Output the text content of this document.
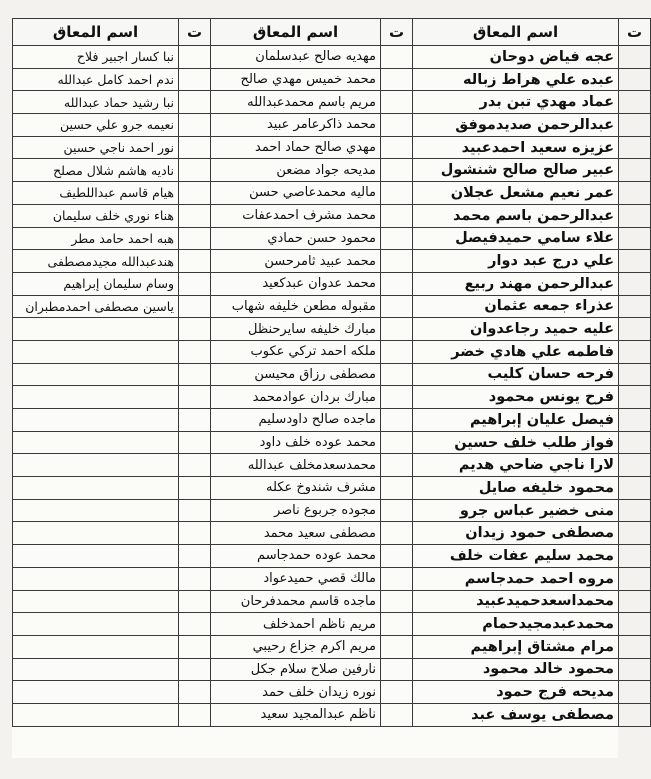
ت	اسم المعاق	ت	اسم المعاق	ت	اسم المعاق
	عجه فياض دوحان		مهديه صالح عبدسلمان		نبا كسار اجبير فلاح
	عبده علي هراط زباله		محمد خميس مهدي صالح		ندم احمد كامل عبدالله
	عماد مهدي تبن بدر		مريم باسم محمدعبدالله		نبا رشيد حماد عبدالله
	عبدالرحمن صديدموفق		محمد ذاكرعامر عبيد		نعيمه جرو علي حسين
	عزيزه سعيد احمدعبيد		مهدي صالح حماد احمد		نور احمد ناجي حسين
	عبير صالح صالح شنشول		مديحه جواد مضعن		ناديه هاشم شلال مصلح
	عمر نعيم مشعل عجلان		ماليه محمدعاصي حسن		هيام قاسم عبداللطيف
	عبدالرحمن باسم محمد		محمد مشرف احمدعفات		هناء نوري خلف سليمان
	علاء سامي حميدفيصل		محمود حسن حمادي		هبه احمد حامد مطر
	علي درج عبد دوار		محمد عبيد ثامرحسن		هندعبدالله مجيدمصطفى
	عبدالرحمن مهند ربيع		محمد عدوان عبدكعيد		وسام سليمان إبراهيم
	عذراء جمعه عثمان		مقبوله مطعن خليفه شهاب		ياسين مصطفى احمدمطبران
	عليه حميد رجاعدوان		مبارك خليفه سايرحنظل		
	فاطمه علي هادي خضر		ملكه احمد تركي عكوب		
	فرحه حسان كليب		مصطفى رزاق محيسن		
	فرح يونس محمود		مبارك بردان عوادمحمد		
	فيصل عليان إبراهيم		ماجده صالح داودسليم		
	فواز طلب خلف حسين		محمد عوده خلف داود		
	لارا ناجي ضاحي هديم		محمدسعدمخلف عبدالله		
	محمود خليفه صايل		مشرف شندوخ عكله		
	منى خضير عباس جرو		مجوده جربوع ناصر		
	مصطفى حمود زيدان		مصطفى سعيد محمد		
	محمد سليم عفات خلف		محمد عوده حمدجاسم		
	مروه احمد حمدجاسم		مالك قصي حميدعواد		
	محمداسعدحميدعبيد		ماجده قاسم محمدفرحان		
	محمدعبدمجيدحمام		مريم ناظم احمدخلف		
	مرام مشتاق إبراهيم		مريم اكرم جزاع رحيبي		
	محمود خالد محمود		نارفين صلاح سلام جكل		
	مديحه فرج حمود		نوره زيدان خلف حمد		
	مصطفى يوسف عبد		ناظم عبدالمجيد سعيد		
